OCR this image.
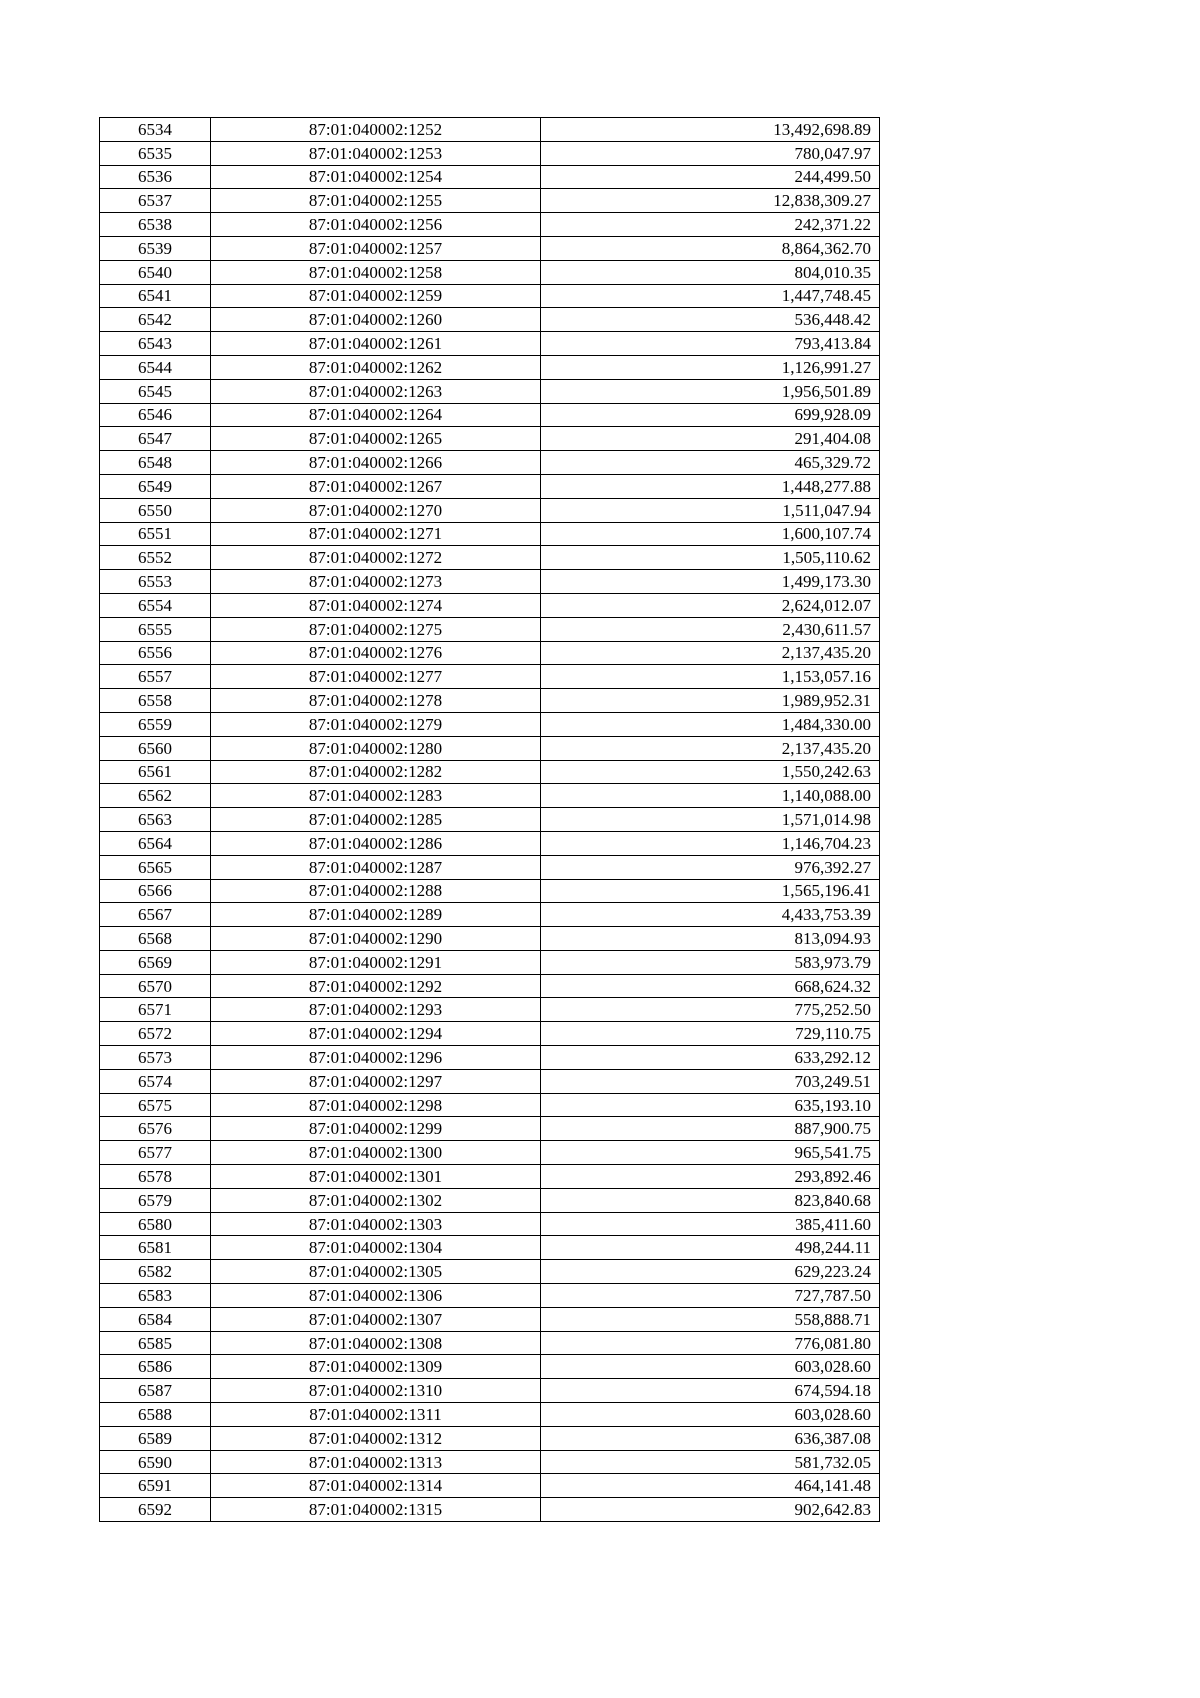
6534	87:01:040002:1252	13,492,698.89
6535	87:01:040002:1253	780,047.97
6536	87:01:040002:1254	244,499.50
6537	87:01:040002:1255	12,838,309.27
6538	87:01:040002:1256	242,371.22
6539	87:01:040002:1257	8,864,362.70
6540	87:01:040002:1258	804,010.35
6541	87:01:040002:1259	1,447,748.45
6542	87:01:040002:1260	536,448.42
6543	87:01:040002:1261	793,413.84
6544	87:01:040002:1262	1,126,991.27
6545	87:01:040002:1263	1,956,501.89
6546	87:01:040002:1264	699,928.09
6547	87:01:040002:1265	291,404.08
6548	87:01:040002:1266	465,329.72
6549	87:01:040002:1267	1,448,277.88
6550	87:01:040002:1270	1,511,047.94
6551	87:01:040002:1271	1,600,107.74
6552	87:01:040002:1272	1,505,110.62
6553	87:01:040002:1273	1,499,173.30
6554	87:01:040002:1274	2,624,012.07
6555	87:01:040002:1275	2,430,611.57
6556	87:01:040002:1276	2,137,435.20
6557	87:01:040002:1277	1,153,057.16
6558	87:01:040002:1278	1,989,952.31
6559	87:01:040002:1279	1,484,330.00
6560	87:01:040002:1280	2,137,435.20
6561	87:01:040002:1282	1,550,242.63
6562	87:01:040002:1283	1,140,088.00
6563	87:01:040002:1285	1,571,014.98
6564	87:01:040002:1286	1,146,704.23
6565	87:01:040002:1287	976,392.27
6566	87:01:040002:1288	1,565,196.41
6567	87:01:040002:1289	4,433,753.39
6568	87:01:040002:1290	813,094.93
6569	87:01:040002:1291	583,973.79
6570	87:01:040002:1292	668,624.32
6571	87:01:040002:1293	775,252.50
6572	87:01:040002:1294	729,110.75
6573	87:01:040002:1296	633,292.12
6574	87:01:040002:1297	703,249.51
6575	87:01:040002:1298	635,193.10
6576	87:01:040002:1299	887,900.75
6577	87:01:040002:1300	965,541.75
6578	87:01:040002:1301	293,892.46
6579	87:01:040002:1302	823,840.68
6580	87:01:040002:1303	385,411.60
6581	87:01:040002:1304	498,244.11
6582	87:01:040002:1305	629,223.24
6583	87:01:040002:1306	727,787.50
6584	87:01:040002:1307	558,888.71
6585	87:01:040002:1308	776,081.80
6586	87:01:040002:1309	603,028.60
6587	87:01:040002:1310	674,594.18
6588	87:01:040002:1311	603,028.60
6589	87:01:040002:1312	636,387.08
6590	87:01:040002:1313	581,732.05
6591	87:01:040002:1314	464,141.48
6592	87:01:040002:1315	902,642.83
